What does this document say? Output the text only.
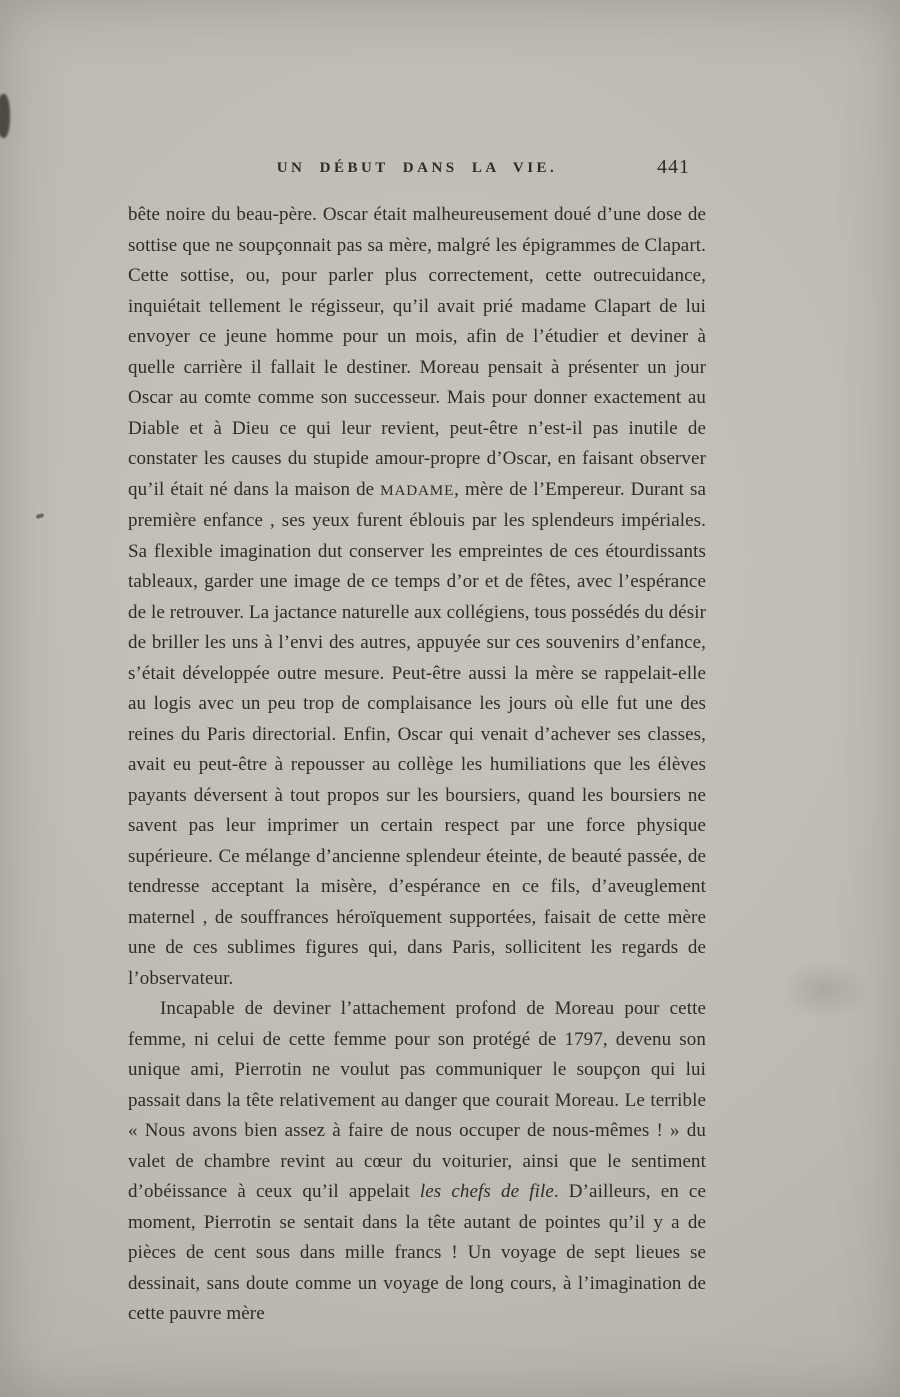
UN DÉBUT DANS LA VIE.	441

bête noire du beau-père. Oscar était malheureusement doué d’une dose de sottise que ne soupçonnait pas sa mère, malgré les épigrammes de Clapart. Cette sottise, ou, pour parler plus correctement, cette outrecuidance, inquiétait tellement le régisseur, qu’il avait prié madame Clapart de lui envoyer ce jeune homme pour un mois, afin de l’étudier et deviner à quelle carrière il fallait le destiner. Moreau pensait à présenter un jour Oscar au comte comme son successeur. Mais pour donner exactement au Diable et à Dieu ce qui leur revient, peut-être n’est-il pas inutile de constater les causes du stupide amour-propre d’Oscar, en faisant observer qu’il était né dans la maison de MADAME, mère de l’Empereur. Durant sa première enfance , ses yeux furent éblouis par les splendeurs impériales. Sa flexible imagination dut conserver les empreintes de ces étourdissants tableaux, garder une image de ce temps d’or et de fêtes, avec l’espérance de le retrouver. La jactance naturelle aux collégiens, tous possédés du désir de briller les uns à l’envi des autres, appuyée sur ces souvenirs d’enfance, s’était développée outre mesure. Peut-être aussi la mère se rappelait-elle au logis avec un peu trop de complaisance les jours où elle fut une des reines du Paris directorial. Enfin, Oscar qui venait d’achever ses classes, avait eu peut-être à repousser au collège les humiliations que les élèves payants déversent à tout propos sur les boursiers, quand les boursiers ne savent pas leur imprimer un certain respect par une force physique supérieure. Ce mélange d’ancienne splendeur éteinte, de beauté passée, de tendresse acceptant la misère, d’espérance en ce fils, d’aveuglement maternel , de souffrances héroïquement supportées, faisait de cette mère une de ces sublimes figures qui, dans Paris, sollicitent les regards de l’observateur.

Incapable de deviner l’attachement profond de Moreau pour cette femme, ni celui de cette femme pour son protégé de 1797, devenu son unique ami, Pierrotin ne voulut pas communiquer le soupçon qui lui passait dans la tête relativement au danger que courait Moreau. Le terrible « Nous avons bien assez à faire de nous occuper de nous-mêmes ! » du valet de chambre revint au cœur du voiturier, ainsi que le sentiment d’obéissance à ceux qu’il appelait les chefs de file. D’ailleurs, en ce moment, Pierrotin se sentait dans la tête autant de pointes qu’il y a de pièces de cent sous dans mille francs ! Un voyage de sept lieues se dessinait, sans doute comme un voyage de long cours, à l’imagination de cette pauvre mère
